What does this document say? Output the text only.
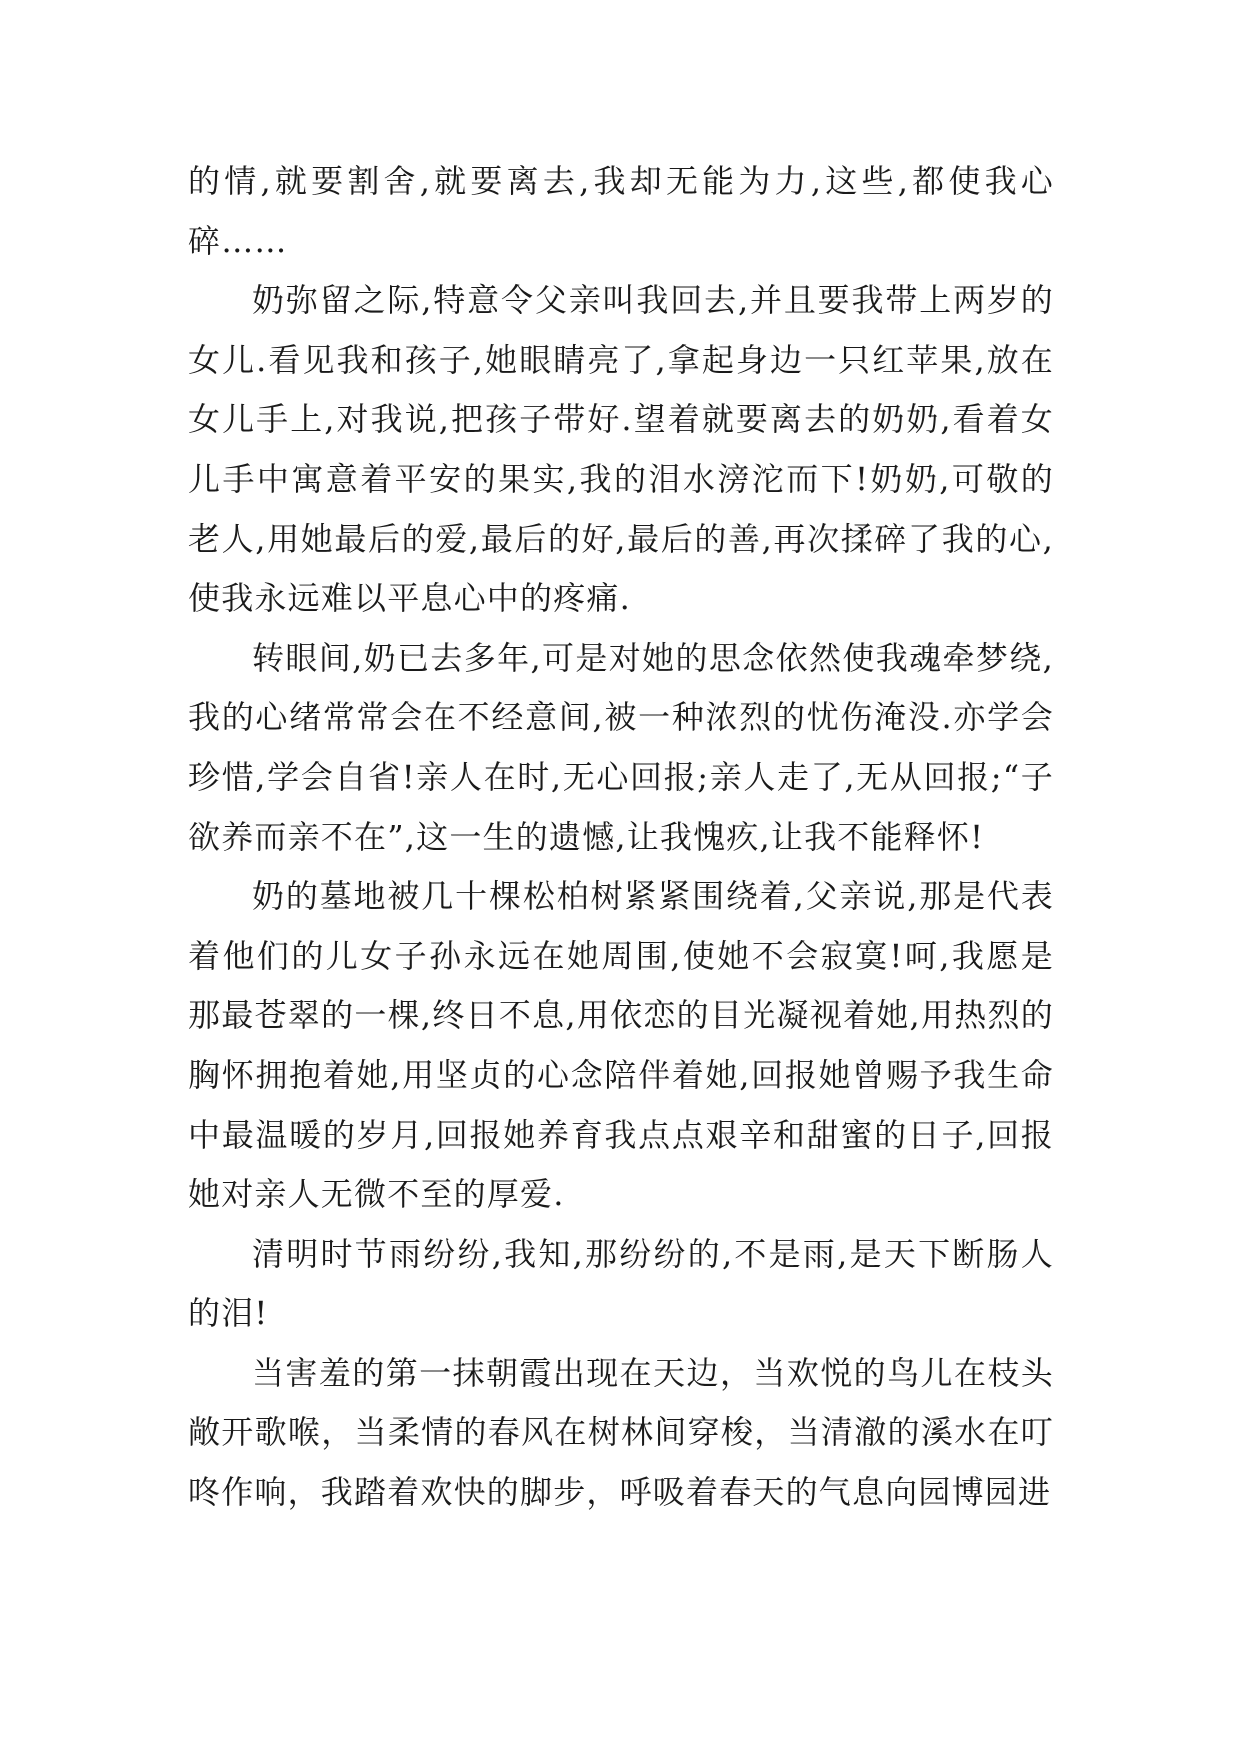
的情,就要割舍,就要离去,我却无能为力,这些,都使我心碎……

奶弥留之际,特意令父亲叫我回去,并且要我带上两岁的女儿.看见我和孩子,她眼睛亮了,拿起身边一只红苹果,放在女儿手上,对我说,把孩子带好.望着就要离去的奶奶,看着女儿手中寓意着平安的果实,我的泪水滂沱而下!奶奶,可敬的老人,用她最后的爱,最后的好,最后的善,再次揉碎了我的心,使我永远难以平息心中的疼痛.

转眼间,奶已去多年,可是对她的思念依然使我魂牵梦绕,我的心绪常常会在不经意间,被一种浓烈的忧伤淹没.亦学会珍惜,学会自省!亲人在时,无心回报;亲人走了,无从回报;“子欲养而亲不在”,这一生的遗憾,让我愧疚,让我不能释怀!

奶的墓地被几十棵松柏树紧紧围绕着,父亲说,那是代表着他们的儿女子孙永远在她周围,使她不会寂寞!呵,我愿是那最苍翠的一棵,终日不息,用依恋的目光凝视着她,用热烈的胸怀拥抱着她,用坚贞的心念陪伴着她,回报她曾赐予我生命中最温暖的岁月,回报她养育我点点艰辛和甜蜜的日子,回报她对亲人无微不至的厚爱.

清明时节雨纷纷,我知,那纷纷的,不是雨,是天下断肠人的泪!

当害羞的第一抹朝霞出现在天边，当欢悦的鸟儿在枝头敞开歌喉，当柔情的春风在树林间穿梭，当清澈的溪水在叮咚作响，我踏着欢快的脚步，呼吸着春天的气息向园博园进
